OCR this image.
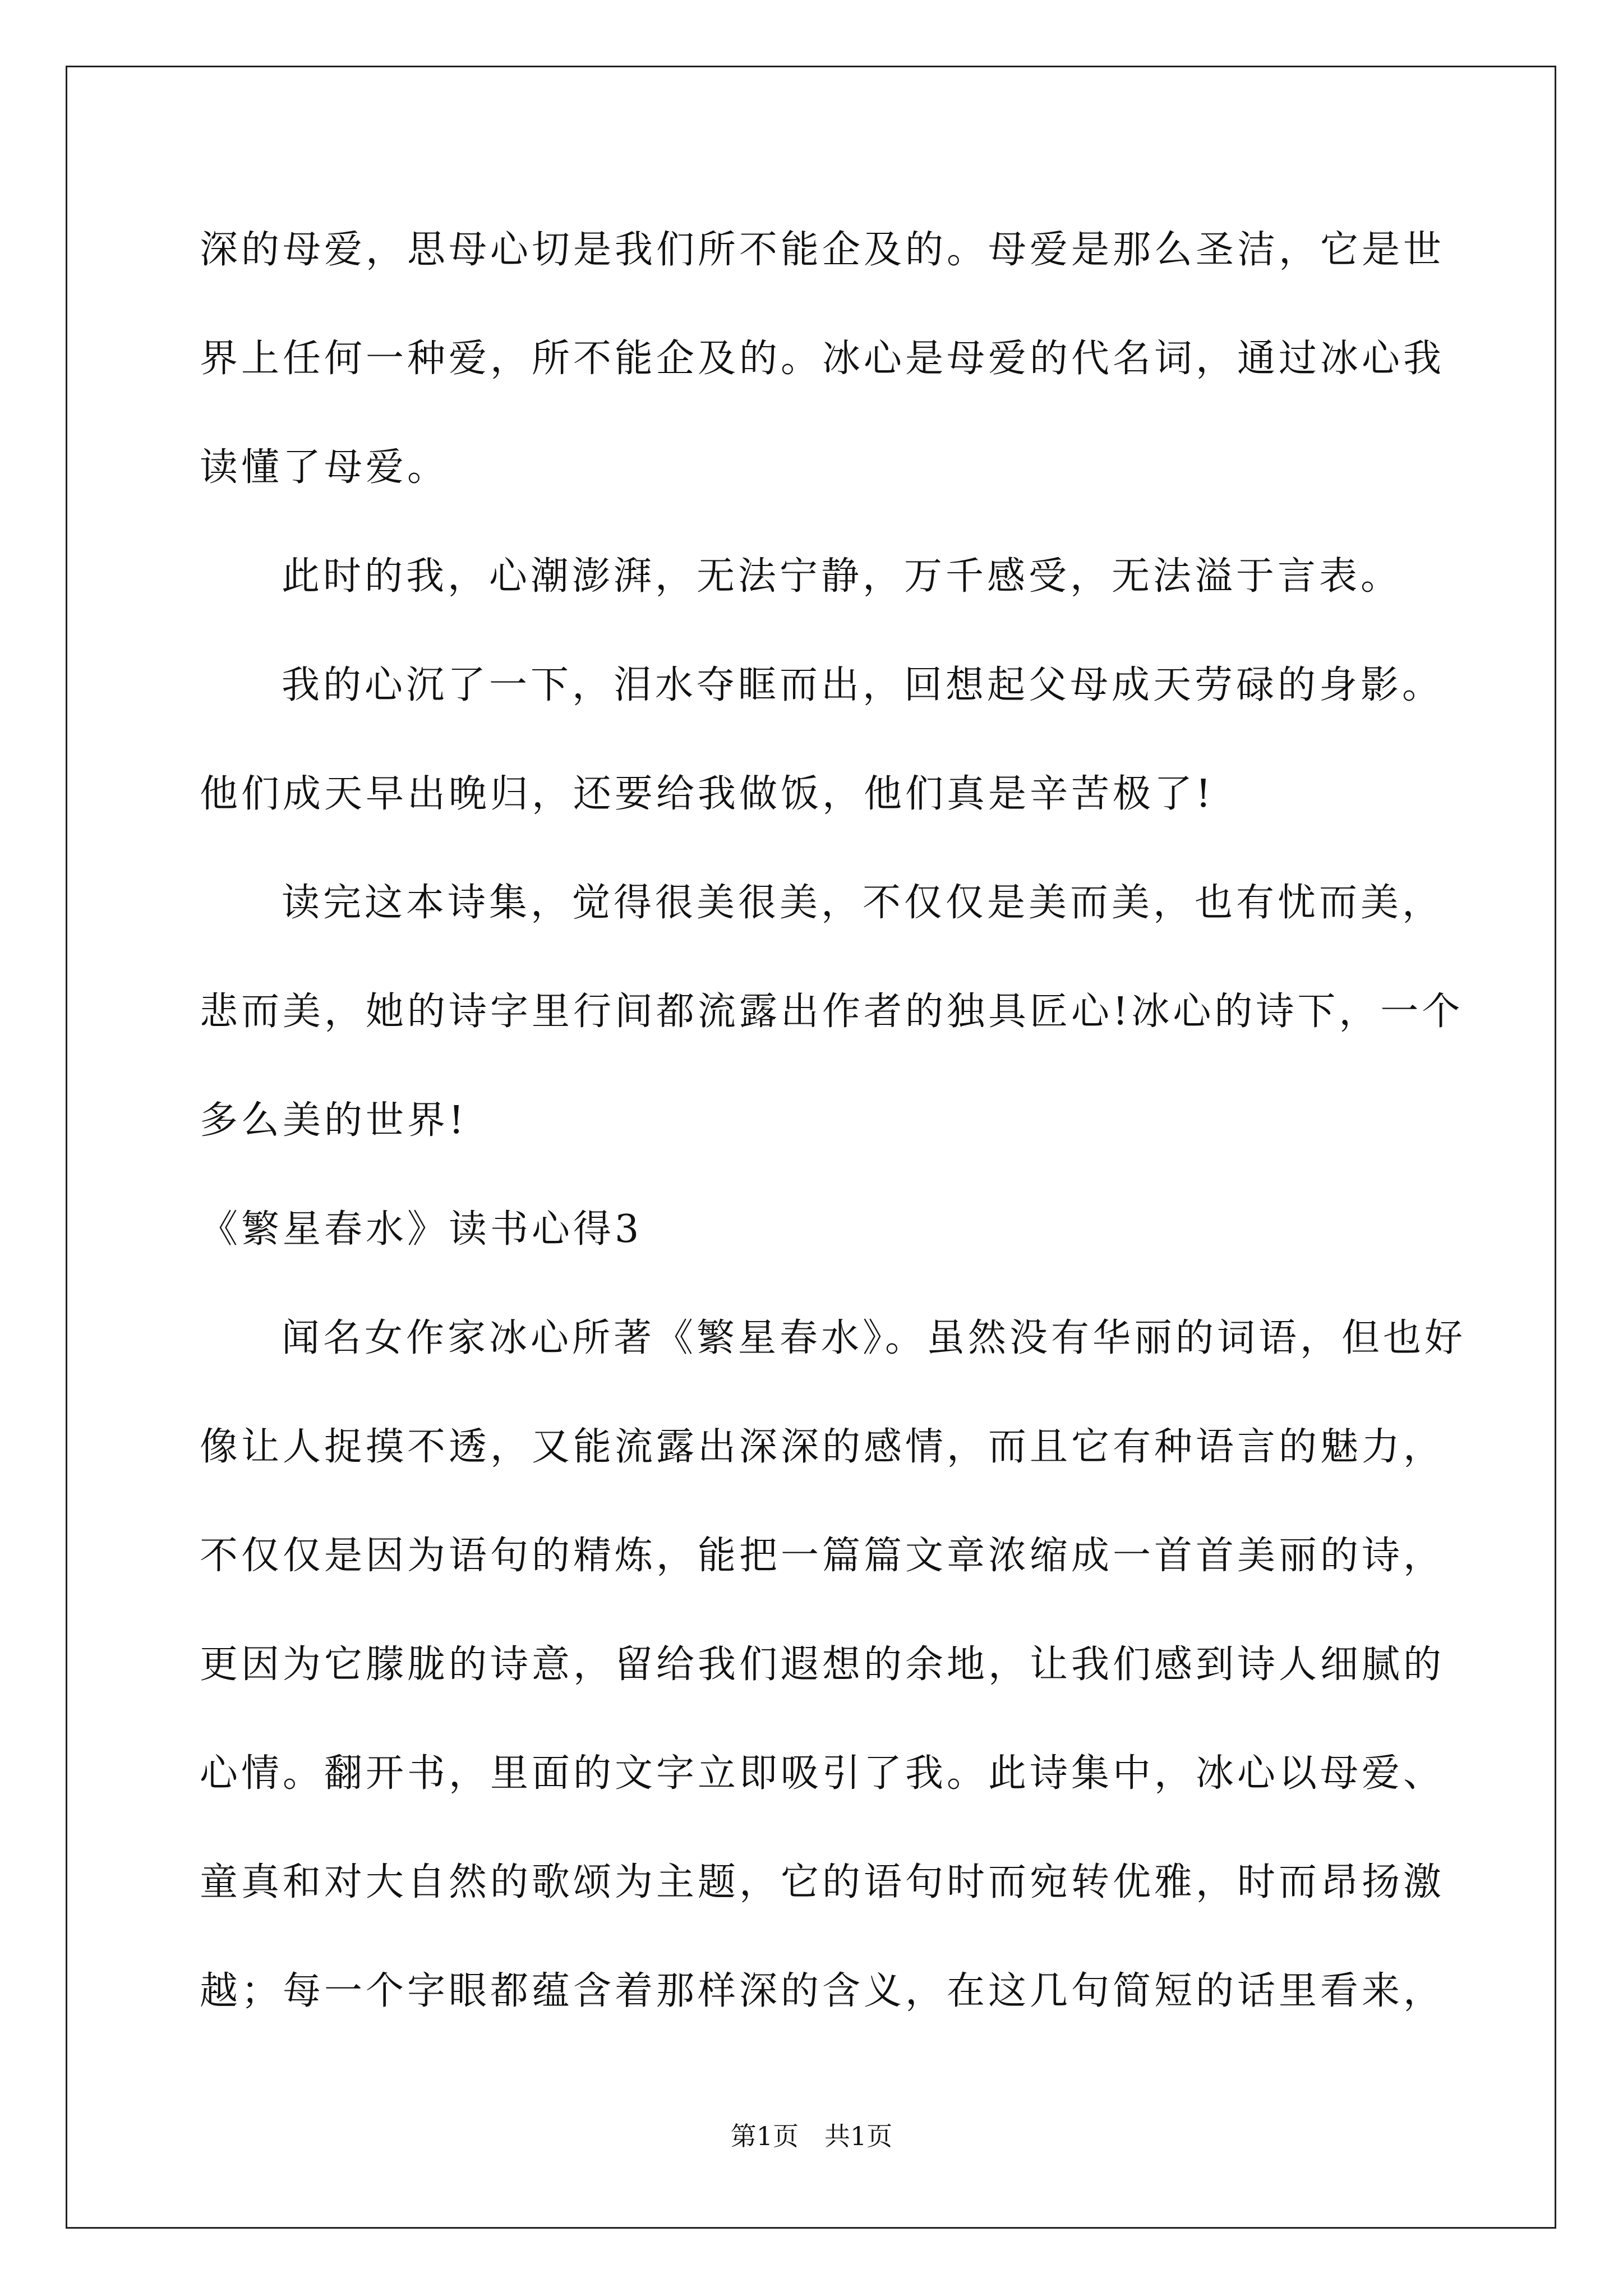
深的母爱，思母心切是我们所不能企及的。母爱是那么圣洁，它是世
界上任何一种爱，所不能企及的。冰心是母爱的代名词，通过冰心我
读懂了母爱。
此时的我，心潮澎湃，无法宁静，万千感受，无法溢于言表。
我的心沉了一下，泪水夺眶而出，回想起父母成天劳碌的身影。
他们成天早出晚归，还要给我做饭，他们真是辛苦极了!
读完这本诗集，觉得很美很美，不仅仅是美而美，也有忧而美，
悲而美，她的诗字里行间都流露出作者的独具匠心!冰心的诗下，一个
多么美的世界!
《繁星春水》读书心得3
闻名女作家冰心所著《繁星春水》。虽然没有华丽的词语，但也好
像让人捉摸不透，又能流露出深深的感情，而且它有种语言的魅力，
不仅仅是因为语句的精炼，能把一篇篇文章浓缩成一首首美丽的诗，
更因为它朦胧的诗意，留给我们遐想的余地，让我们感到诗人细腻的
心情。翻开书，里面的文字立即吸引了我。此诗集中，冰心以母爱、
童真和对大自然的歌颂为主题，它的语句时而宛转优雅，时而昂扬激
越；每一个字眼都蕴含着那样深的含义，在这几句简短的话里看来，
第1页 共1页
